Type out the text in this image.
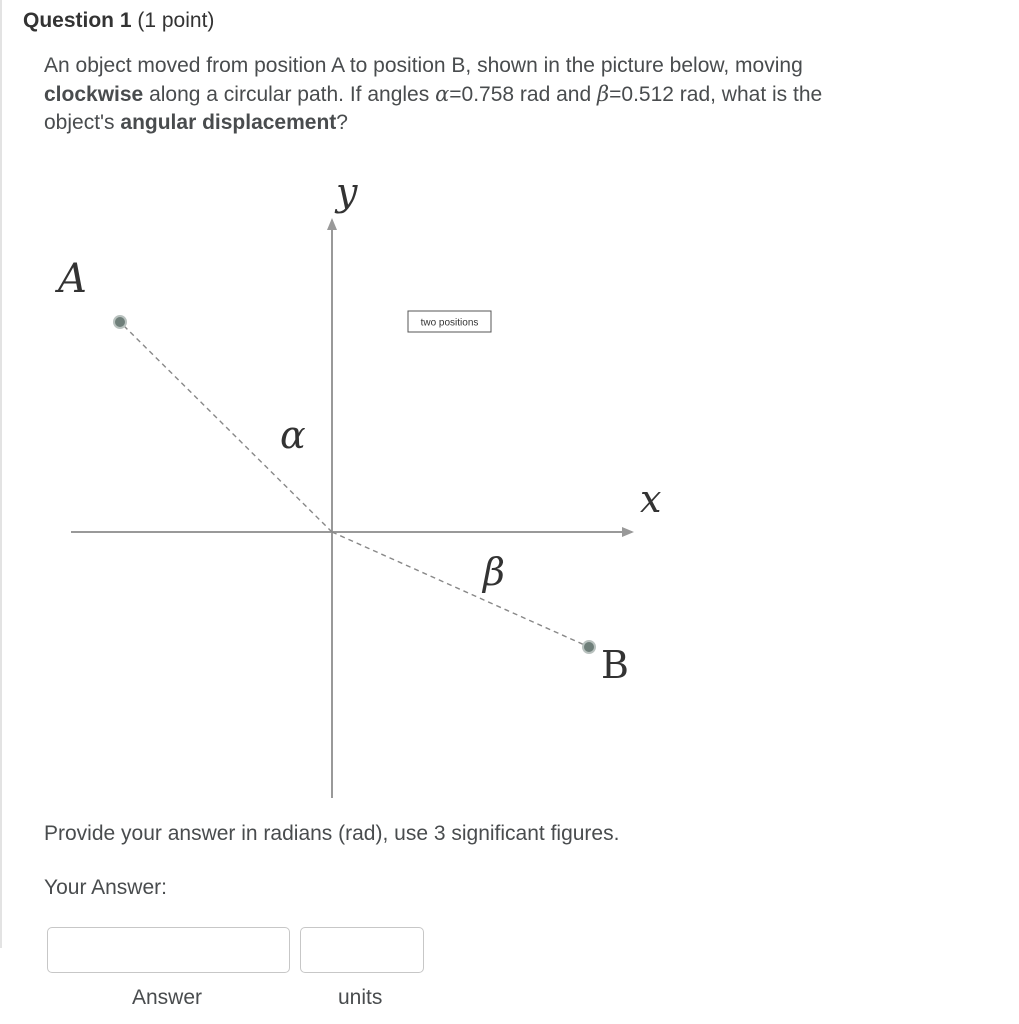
Question 1 (1 point)
An object moved from position A to position B, shown in the picture below, moving
clockwise along a circular path. If angles α=0.758 rad and β=0.512 rad, what is the
object's angular displacement?
y
x
A
B
α
β
two positions
Provide your answer in radians (rad), use 3 significant figures.
Your Answer:
Answer	units
